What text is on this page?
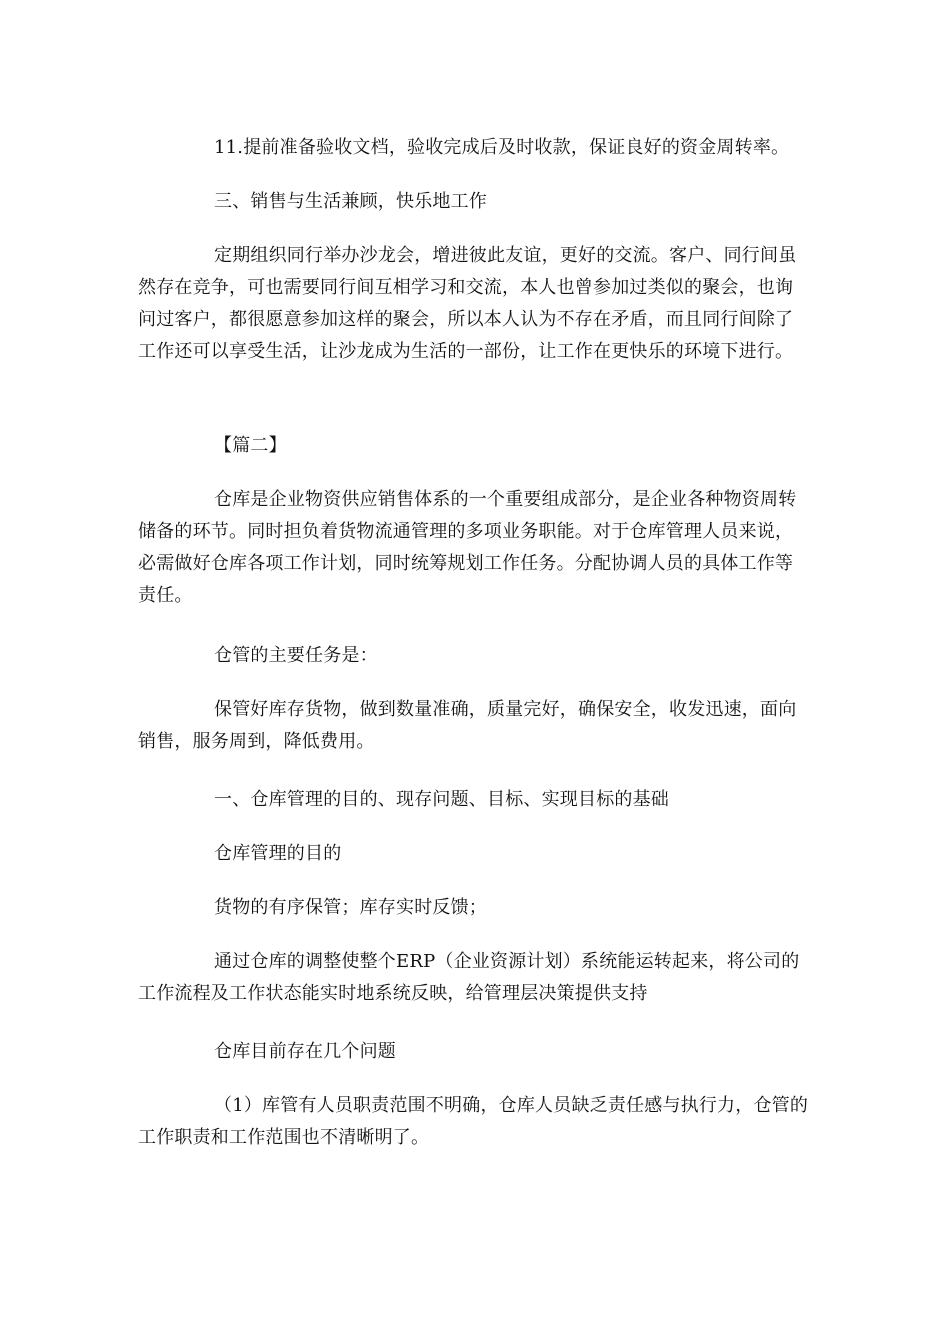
11.提前准备验收文档，验收完成后及时收款，保证良好的资金周转率。

三、销售与生活兼顾，快乐地工作

定期组织同行举办沙龙会，增进彼此友谊，更好的交流。客户、同行间虽然存在竞争，可也需要同行间互相学习和交流，本人也曾参加过类似的聚会，也询问过客户，都很愿意参加这样的聚会，所以本人认为不存在矛盾，而且同行间除了工作还可以享受生活，让沙龙成为生活的一部份，让工作在更快乐的环境下进行。

【篇二】

仓库是企业物资供应销售体系的一个重要组成部分，是企业各种物资周转储备的环节。同时担负着货物流通管理的多项业务职能。对于仓库管理人员来说，必需做好仓库各项工作计划，同时统筹规划工作任务。分配协调人员的具体工作等责任。

仓管的主要任务是：

保管好库存货物，做到数量准确，质量完好，确保安全，收发迅速，面向销售，服务周到，降低费用。

一、仓库管理的目的、现存问题、目标、实现目标的基础

仓库管理的目的

货物的有序保管；库存实时反馈；

通过仓库的调整使整个ERP（企业资源计划）系统能运转起来，将公司的工作流程及工作状态能实时地系统反映，给管理层决策提供支持

仓库目前存在几个问题

（1）库管有人员职责范围不明确，仓库人员缺乏责任感与执行力，仓管的工作职责和工作范围也不清晰明了。
